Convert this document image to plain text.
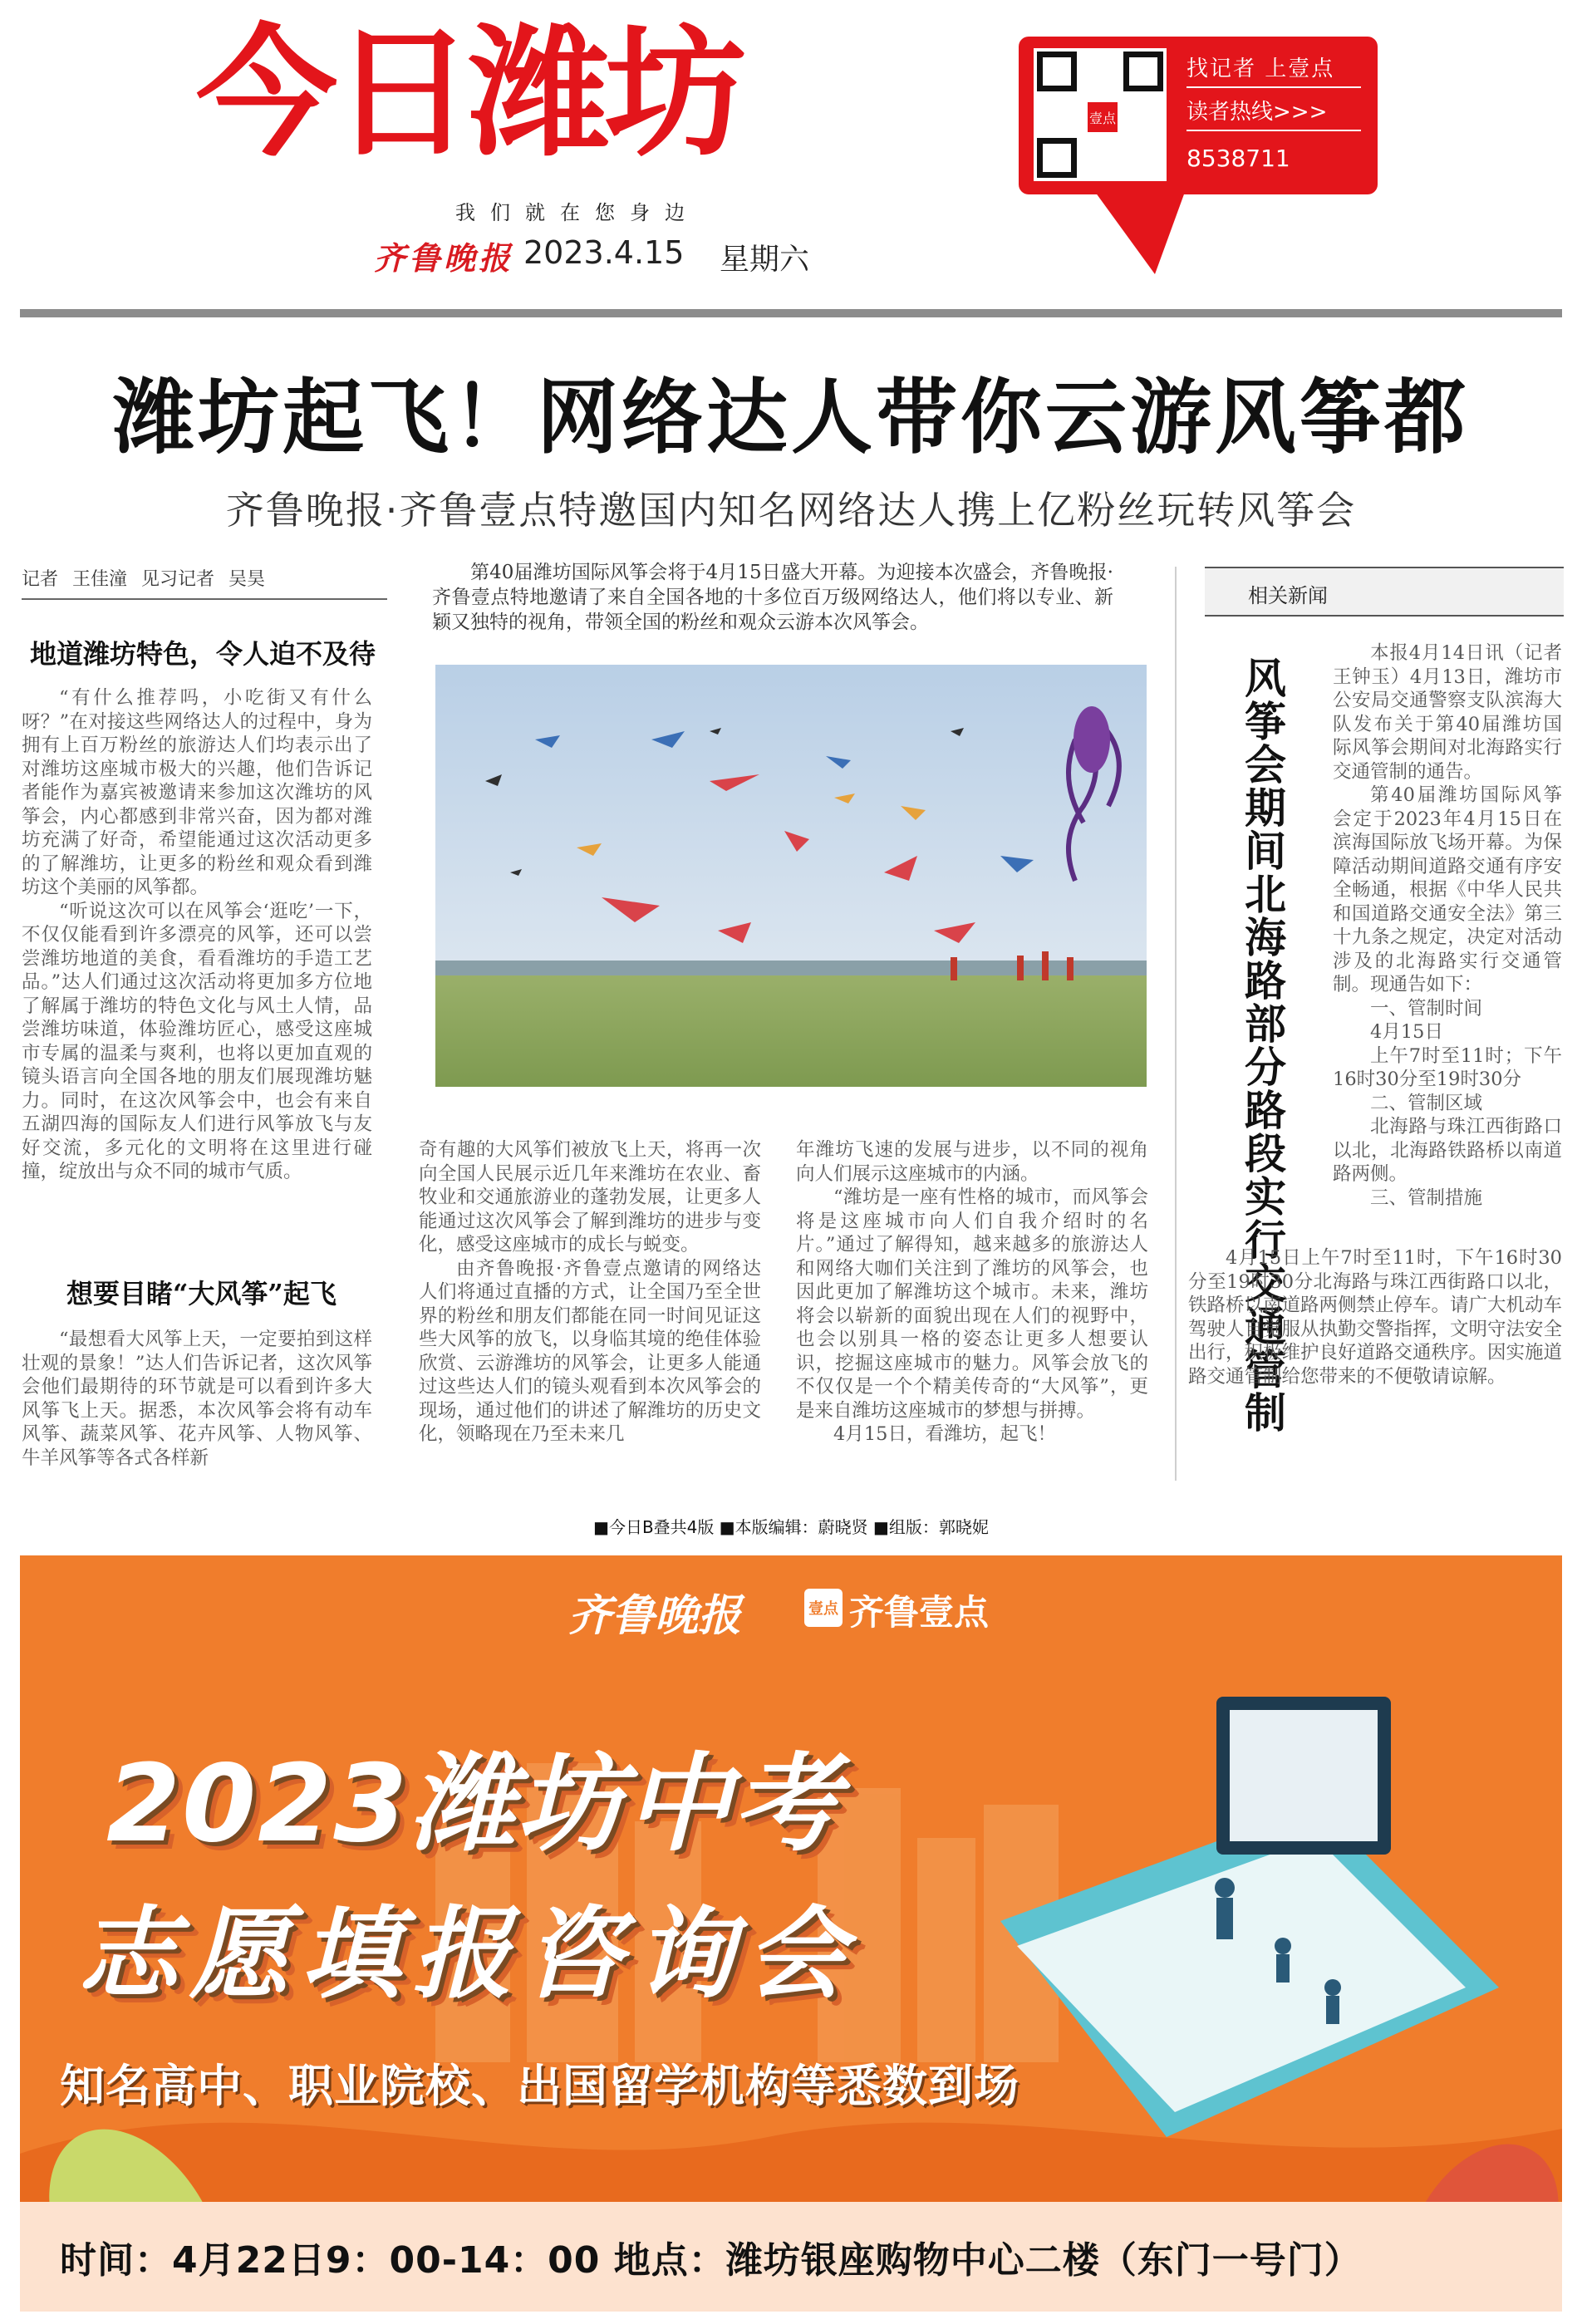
今日潍坊
我们就在您身边
齐鲁晚报 2023.4.15 星期六
壹点
找记者 上壹点
读者热线>>>
8538711
潍坊起飞！网络达人带你云游风筝都
齐鲁晚报·齐鲁壹点特邀国内知名网络达人携上亿粉丝玩转风筝会
记者 王佳潼 见习记者 吴昊
地道潍坊特色，令人迫不及待

“有什么推荐吗，小吃街又有什么呀？”在对接这些网络达人的过程中，身为拥有上百万粉丝的旅游达人们均表示出了对潍坊这座城市极大的兴趣，他们告诉记者能作为嘉宾被邀请来参加这次潍坊的风筝会，内心都感到非常兴奋，因为都对潍坊充满了好奇，希望能通过这次活动更多的了解潍坊，让更多的粉丝和观众看到潍坊这个美丽的风筝都。

“听说这次可以在风筝会‘逛吃’一下，不仅仅能看到许多漂亮的风筝，还可以尝尝潍坊地道的美食，看看潍坊的手造工艺品。”达人们通过这次活动将更加多方位地了解属于潍坊的特色文化与风土人情，品尝潍坊味道，体验潍坊匠心，感受这座城市专属的温柔与爽利，也将以更加直观的镜头语言向全国各地的朋友们展现潍坊魅力。同时，在这次风筝会中，也会有来自五湖四海的国际友人们进行风筝放飞与友好交流，多元化的文明将在这里进行碰撞，绽放出与众不同的城市气质。

想要目睹“大风筝”起飞

“最想看大风筝上天，一定要拍到这样壮观的景象！”达人们告诉记者，这次风筝会他们最期待的环节就是可以看到许多大风筝飞上天。据悉，本次风筝会将有动车风筝、蔬菜风筝、花卉风筝、人物风筝、牛羊风筝等各式各样新

第40届潍坊国际风筝会将于4月15日盛大开幕。为迎接本次盛会，齐鲁晚报·齐鲁壹点特地邀请了来自全国各地的十多位百万级网络达人，他们将以专业、新颖又独特的视角，带领全国的粉丝和观众云游本次风筝会。

奇有趣的大风筝们被放飞上天，将再一次向全国人民展示近几年来潍坊在农业、畜牧业和交通旅游业的蓬勃发展，让更多人能通过这次风筝会了解到潍坊的进步与变化，感受这座城市的成长与蜕变。

由齐鲁晚报·齐鲁壹点邀请的网络达人们将通过直播的方式，让全国乃至全世界的粉丝和朋友们都能在同一时间见证这些大风筝的放飞，以身临其境的绝佳体验欣赏、云游潍坊的风筝会，让更多人能通过这些达人们的镜头观看到本次风筝会的现场，通过他们的讲述了解潍坊的历史文化，领略现在乃至未来几

年潍坊飞速的发展与进步，以不同的视角向人们展示这座城市的内涵。

“潍坊是一座有性格的城市，而风筝会将是这座城市向人们自我介绍时的名片。”通过了解得知，越来越多的旅游达人和网络大咖们关注到了潍坊的风筝会，也因此更加了解潍坊这个城市。未来，潍坊将会以崭新的面貌出现在人们的视野中，也会以别具一格的姿态让更多人想要认识，挖掘这座城市的魅力。风筝会放飞的不仅仅是一个个精美传奇的“大风筝”，更是来自潍坊这座城市的梦想与拼搏。

4月15日，看潍坊，起飞！

相关新闻
风筝会期间北海路部分路段实行交通管制

本报4月14日讯（记者 王钟玉）4月13日，潍坊市公安局交通警察支队滨海大队发布关于第40届潍坊国际风筝会期间对北海路实行交通管制的通告。

第40届潍坊国际风筝会定于2023年4月15日在滨海国际放飞场开幕。为保障活动期间道路交通有序安全畅通，根据《中华人民共和国道路交通安全法》第三十九条之规定，决定对活动涉及的北海路实行交通管制。现通告如下：

一、管制时间

4月15日

上午7时至11时；下午16时30分至19时30分

二、管制区域

北海路与珠江西街路口以北，北海路铁路桥以南道路两侧。

三、管制措施

4月15日上午7时至11时，下午16时30分至19时30分北海路与珠江西街路口以北，铁路桥以南道路两侧禁止停车。请广大机动车驾驶人自觉服从执勤交警指挥，文明守法安全出行，积极维护良好道路交通秩序。因实施道路交通管制给您带来的不便敬请谅解。

■今日B叠共4版 ■本版编辑：蔚晓贤 ■组版：郭晓妮
齐鲁晚报	壹点 齐鲁壹点
2023潍坊中考
志愿填报咨询会
知名高中、职业院校、出国留学机构等悉数到场
时间：4月22日9：00-14：00 地点：潍坊银座购物中心二楼（东门一号门）
